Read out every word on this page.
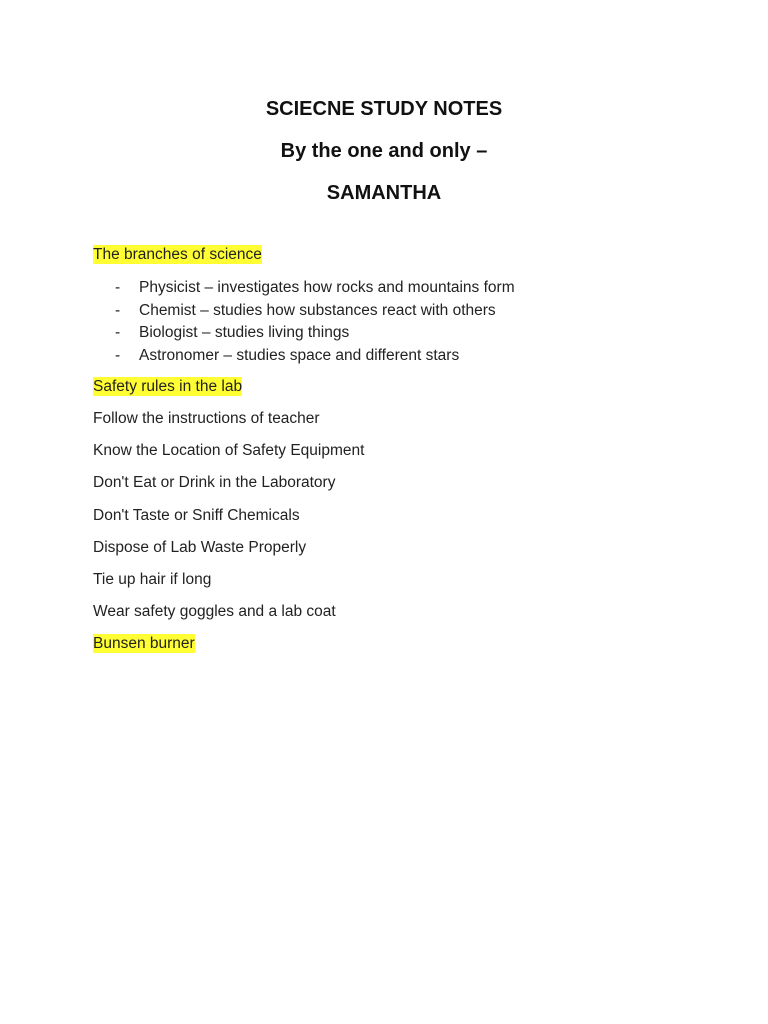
SCIECNE STUDY NOTES

By the one and only –

SAMANTHA

The branches of science
- Physicist – investigates how rocks and mountains form
- Chemist – studies how substances react with others
- Biologist – studies living things
- Astronomer – studies space and different stars
Safety rules in the lab
Follow the instructions of teacher
Know the Location of Safety Equipment
Don't Eat or Drink in the Laboratory
Don't Taste or Sniff Chemicals
Dispose of Lab Waste Properly
Tie up hair if long
Wear safety goggles and a lab coat
Bunsen burner
